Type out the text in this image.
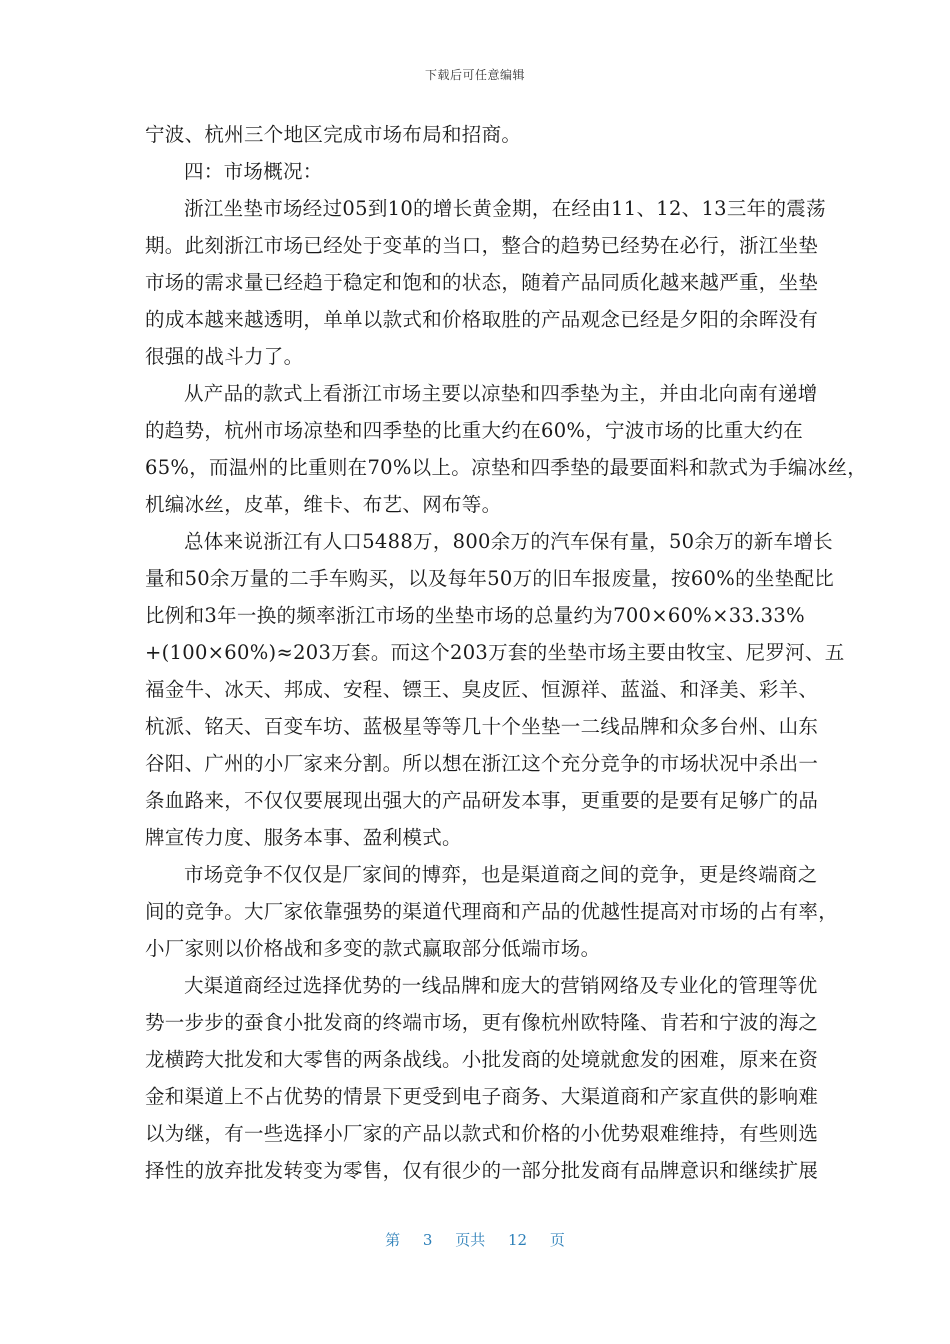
下载后可任意编辑
宁波、杭州三个地区完成市场布局和招商。
四：市场概况：
浙江坐垫市场经过05到10的增长黄金期，在经由11、12、13三年的震荡
期。此刻浙江市场已经处于变革的当口，整合的趋势已经势在必行，浙江坐垫
市场的需求量已经趋于稳定和饱和的状态，随着产品同质化越来越严重，坐垫
的成本越来越透明，单单以款式和价格取胜的产品观念已经是夕阳的余晖没有
很强的战斗力了。
从产品的款式上看浙江市场主要以凉垫和四季垫为主，并由北向南有递增
的趋势，杭州市场凉垫和四季垫的比重大约在60%，宁波市场的比重大约在
65%，而温州的比重则在70%以上。凉垫和四季垫的最要面料和款式为手编冰丝，
机编冰丝，皮革，维卡、布艺、网布等。
总体来说浙江有人口5488万，800余万的汽车保有量，50余万的新车增长
量和50余万量的二手车购买，以及每年50万的旧车报废量，按60%的坐垫配比
比例和3年一换的频率浙江市场的坐垫市场的总量约为700×60%×33.33%
+(100×60%)≈203万套。而这个203万套的坐垫市场主要由牧宝、尼罗河、五
福金牛、冰天、邦成、安程、镖王、臭皮匠、恒源祥、蓝溢、和泽美、彩羊、
杭派、铭天、百变车坊、蓝极星等等几十个坐垫一二线品牌和众多台州、山东
谷阳、广州的小厂家来分割。所以想在浙江这个充分竞争的市场状况中杀出一
条血路来，不仅仅要展现出强大的产品研发本事，更重要的是要有足够广的品
牌宣传力度、服务本事、盈利模式。
市场竞争不仅仅是厂家间的博弈，也是渠道商之间的竞争，更是终端商之
间的竞争。大厂家依靠强势的渠道代理商和产品的优越性提高对市场的占有率，
小厂家则以价格战和多变的款式赢取部分低端市场。
大渠道商经过选择优势的一线品牌和庞大的营销网络及专业化的管理等优
势一步步的蚕食小批发商的终端市场，更有像杭州欧特隆、肯若和宁波的海之
龙横跨大批发和大零售的两条战线。小批发商的处境就愈发的困难，原来在资
金和渠道上不占优势的情景下更受到电子商务、大渠道商和产家直供的影响难
以为继，有一些选择小厂家的产品以款式和价格的小优势艰难维持，有些则选
择性的放弃批发转变为零售，仅有很少的一部分批发商有品牌意识和继续扩展
第 3 页共 12 页
